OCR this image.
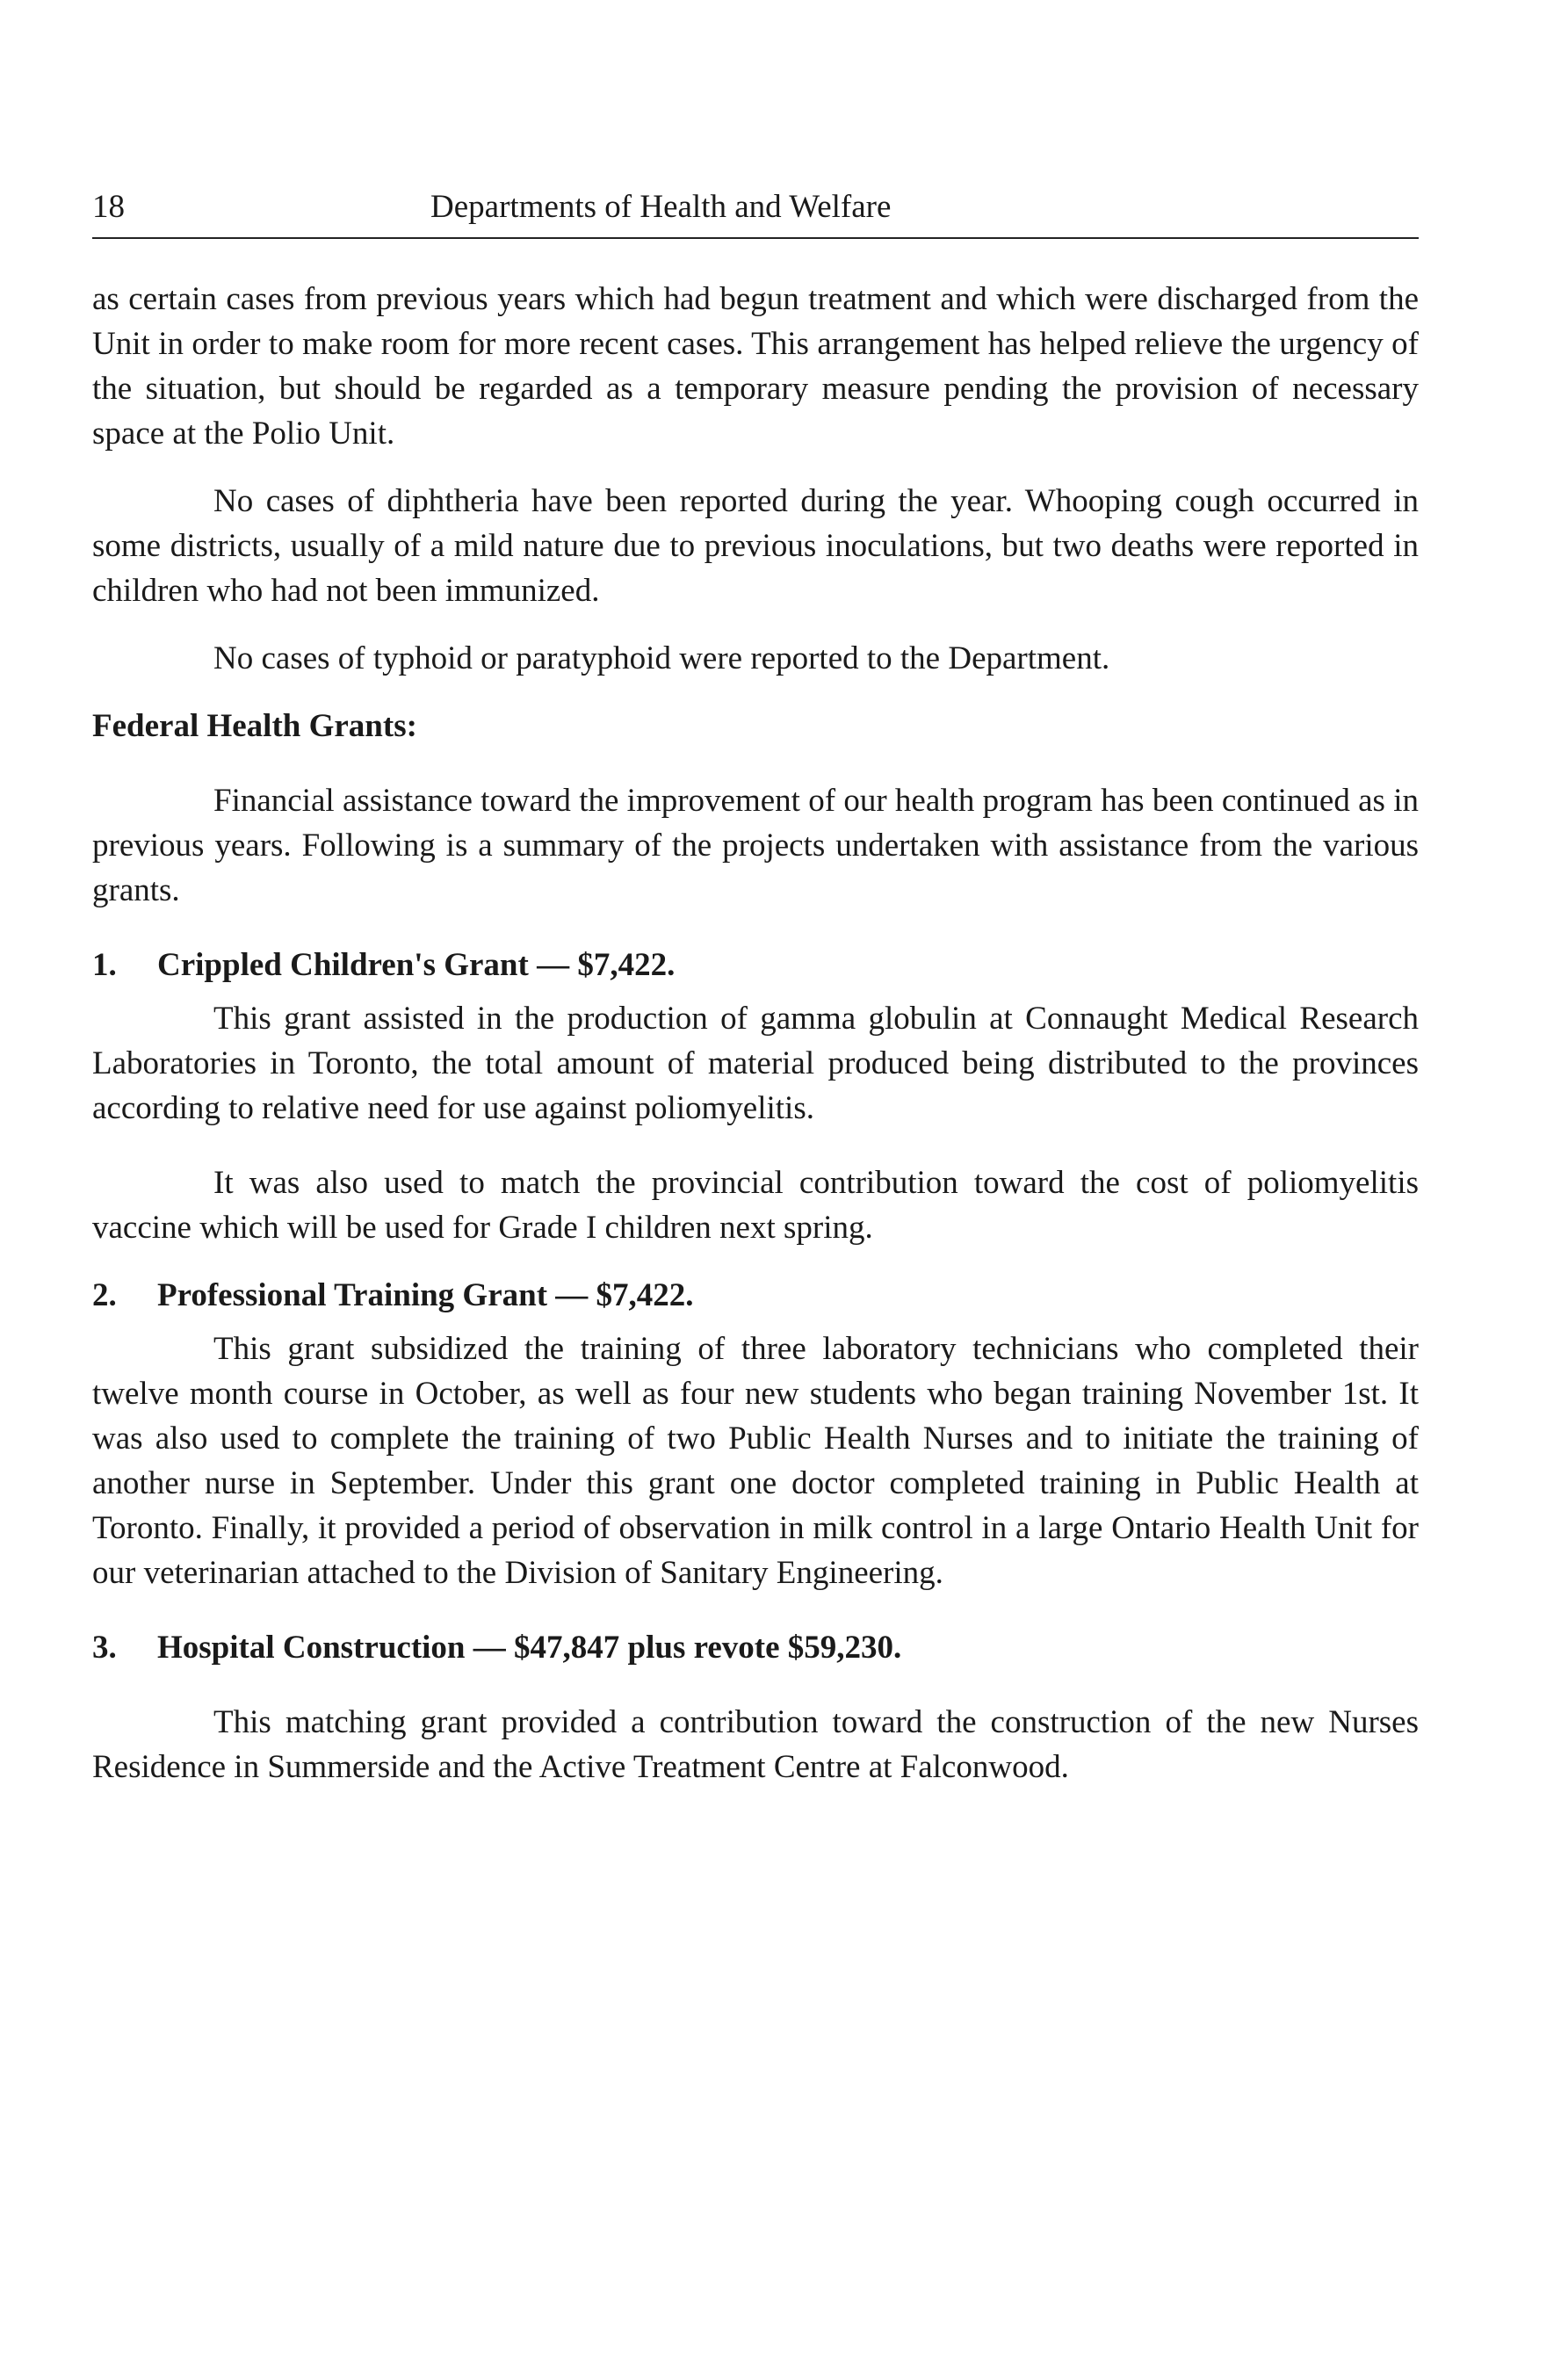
18	Departments of Health and Welfare

as certain cases from previous years which had begun treatment and which were discharged from the Unit in order to make room for more recent cases. This arrangement has helped relieve the urgency of the situation, but should be regarded as a temporary measure pending the provision of necessary space at the Polio Unit.

No cases of diphtheria have been reported during the year. Whooping cough occurred in some districts, usually of a mild nature due to previous inoculations, but two deaths were reported in children who had not been immunized.

No cases of typhoid or paratyphoid were reported to the Department.

Federal Health Grants:

Financial assistance toward the improvement of our health program has been continued as in previous years. Following is a summary of the projects undertaken with assistance from the various grants.

1. Crippled Children's Grant — $7,422.

This grant assisted in the production of gamma globulin at Connaught Medical Research Laboratories in Toronto, the total amount of material produced being distributed to the provinces according to relative need for use against poliomyelitis.

It was also used to match the provincial contribution toward the cost of poliomyelitis vaccine which will be used for Grade I children next spring.

2. Professional Training Grant — $7,422.

This grant subsidized the training of three laboratory technicians who completed their twelve month course in October, as well as four new students who began training November 1st. It was also used to complete the training of two Public Health Nurses and to initiate the training of another nurse in September. Under this grant one doctor completed training in Public Health at Toronto. Finally, it provided a period of observation in milk control in a large Ontario Health Unit for our veterinarian attached to the Division of Sanitary Engineering.

3. Hospital Construction — $47,847 plus revote $59,230.

This matching grant provided a contribution toward the construction of the new Nurses Residence in Summerside and the Active Treatment Centre at Falconwood.
